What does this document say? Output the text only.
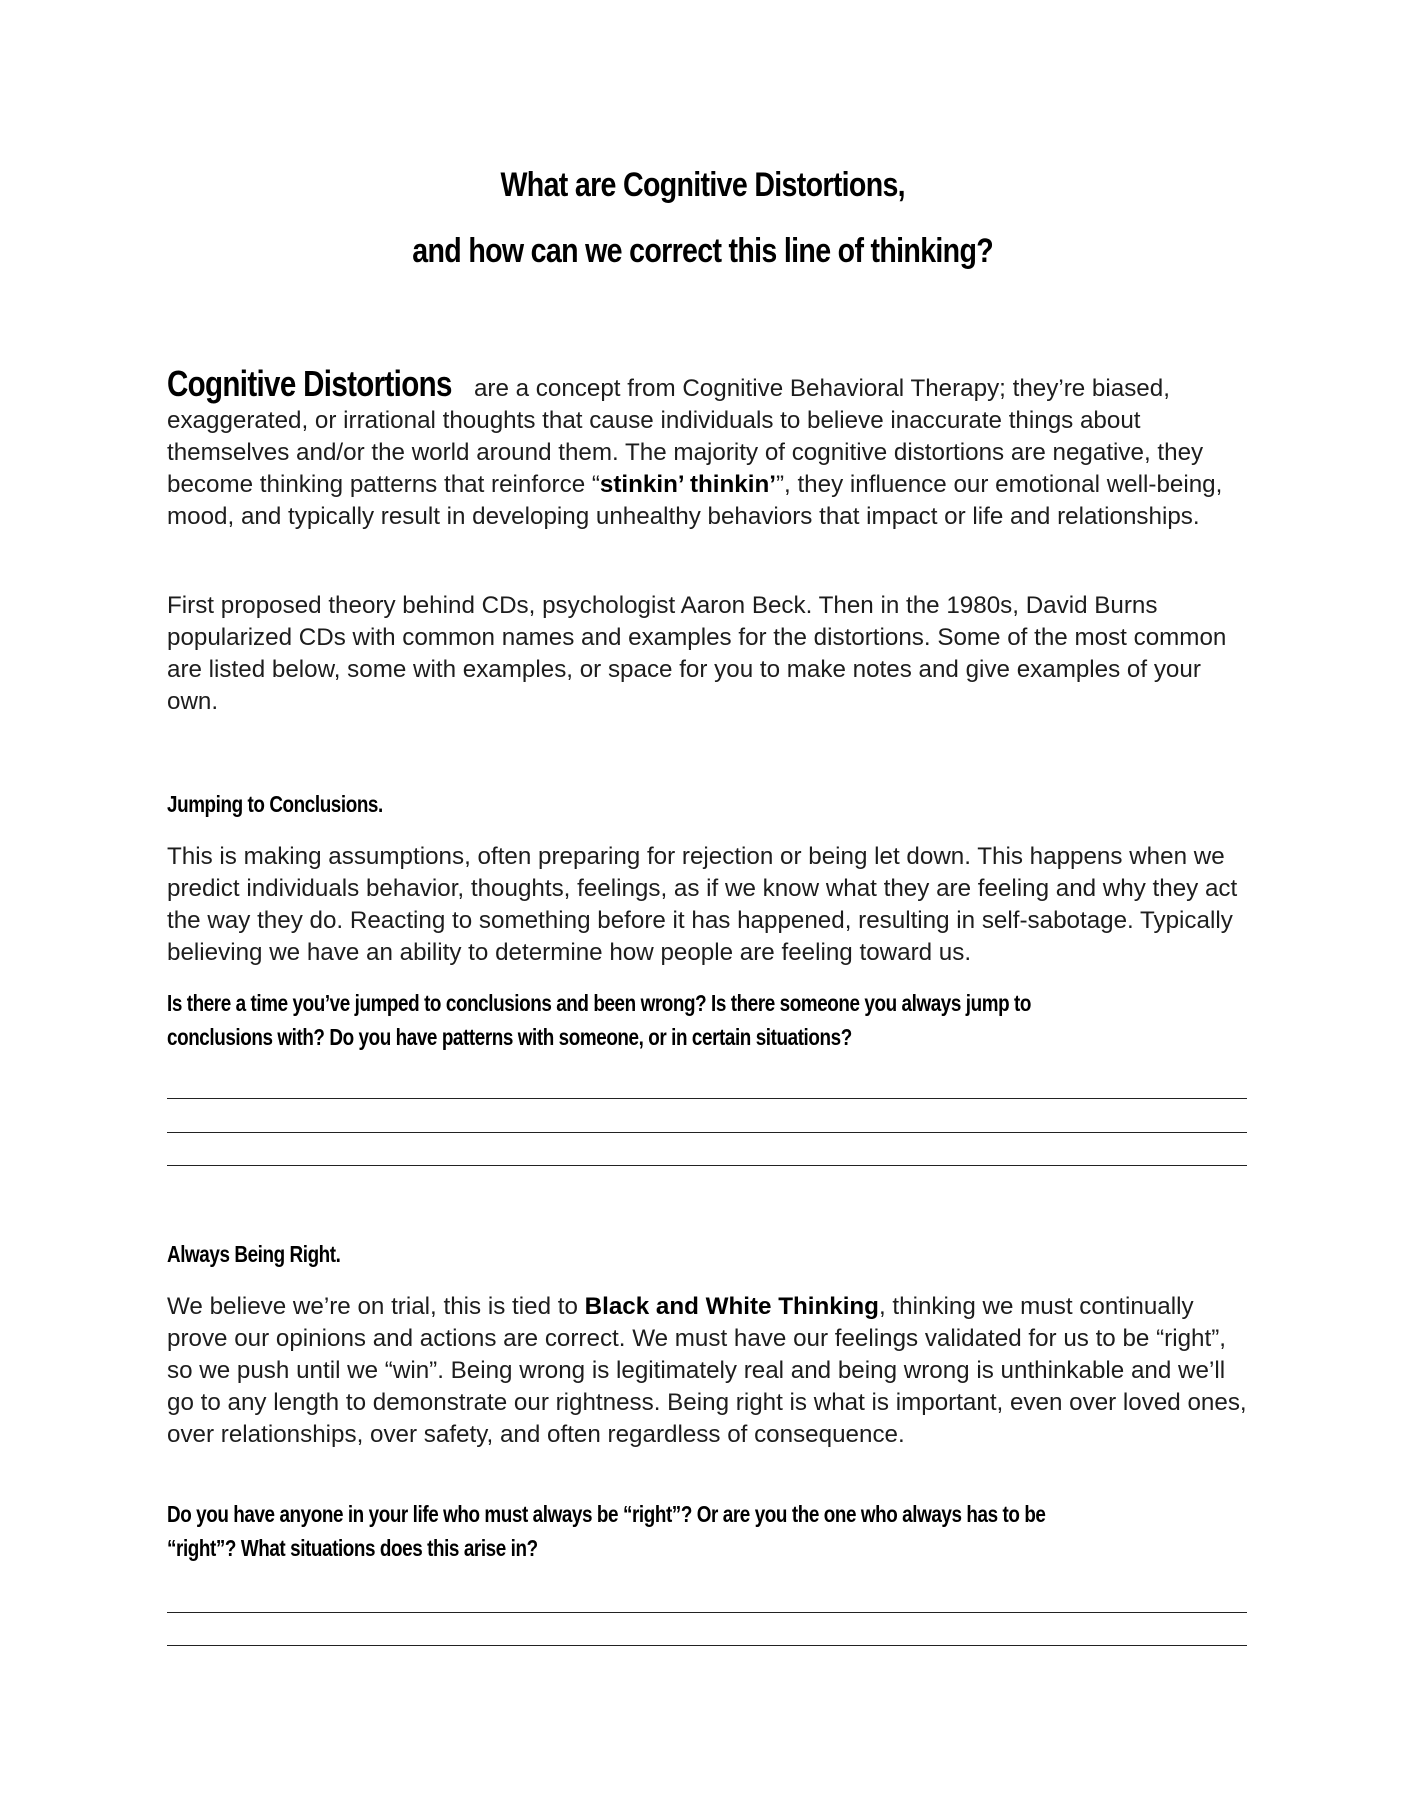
What are Cognitive Distortions,
and how can we correct this line of thinking?
Cognitive Distortions are a concept from Cognitive Behavioral Therapy; they’re biased, exaggerated, or irrational thoughts that cause individuals to believe inaccurate things about themselves and/or the world around them. The majority of cognitive distortions are negative, they become thinking patterns that reinforce “stinkin’ thinkin’”, they influence our emotional well-being, mood, and typically result in developing unhealthy behaviors that impact or life and relationships.
First proposed theory behind CDs, psychologist Aaron Beck. Then in the 1980s, David Burns popularized CDs with common names and examples for the distortions. Some of the most common are listed below, some with examples, or space for you to make notes and give examples of your own.
Jumping to Conclusions.
This is making assumptions, often preparing for rejection or being let down. This happens when we predict individuals behavior, thoughts, feelings, as if we know what they are feeling and why they act the way they do. Reacting to something before it has happened, resulting in self-sabotage. Typically believing we have an ability to determine how people are feeling toward us.
Is there a time you’ve jumped to conclusions and been wrong? Is there someone you always jump to
conclusions with? Do you have patterns with someone, or in certain situations?
Always Being Right.
We believe we’re on trial, this is tied to Black and White Thinking, thinking we must continually prove our opinions and actions are correct. We must have our feelings validated for us to be “right”, so we push until we “win”. Being wrong is legitimately real and being wrong is unthinkable and we’ll go to any length to demonstrate our rightness. Being right is what is important, even over loved ones, over relationships, over safety, and often regardless of consequence.
Do you have anyone in your life who must always be “right”? Or are you the one who always has to be
“right”? What situations does this arise in?
